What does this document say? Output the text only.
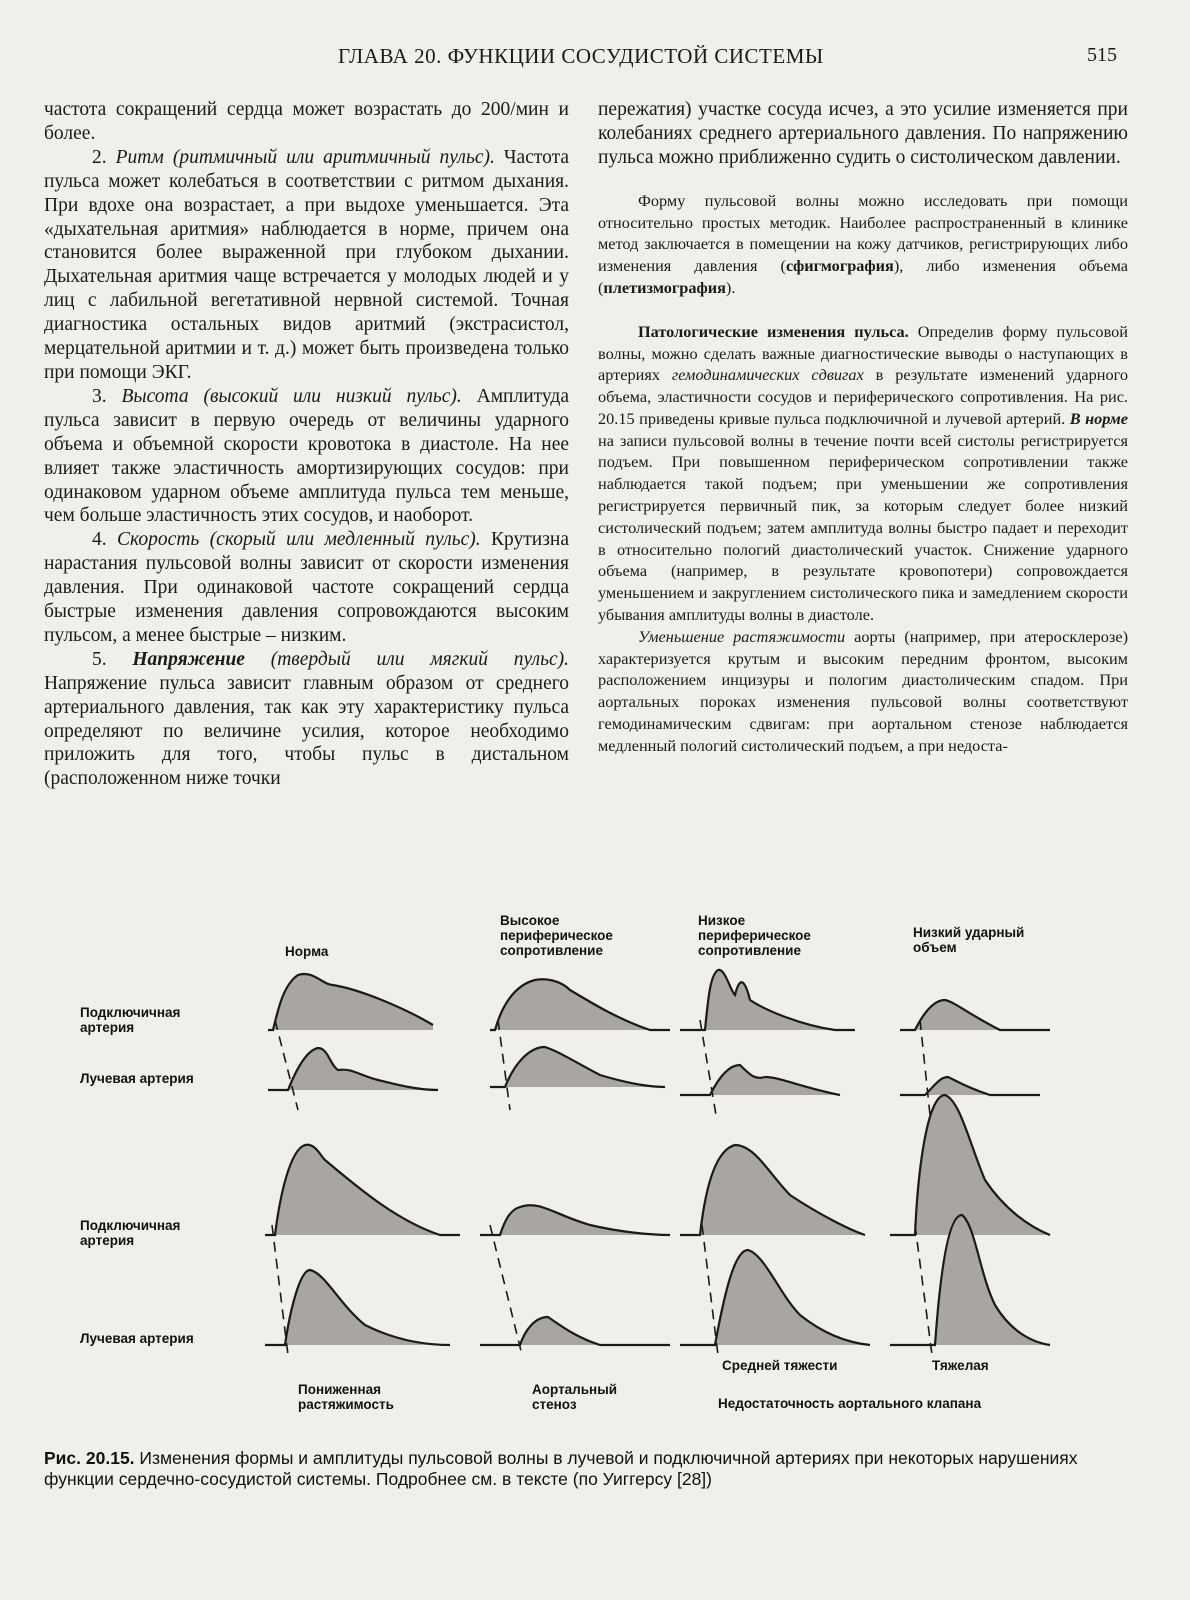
ГЛАВА 20. ФУНКЦИИ СОСУДИСТОЙ СИСТЕМЫ	515

частота сокращений сердца может возрастать до 200/мин и более.

2. Ритм (ритмичный или аритмичный пульс). Частота пульса может колебаться в соответствии с ритмом дыхания. При вдохе она возрастает, а при выдохе уменьшается. Эта «дыхательная аритмия» наблюдается в норме, причем она становится более выраженной при глубоком дыхании. Дыхательная аритмия чаще встречается у молодых людей и у лиц с лабильной вегетативной нервной системой. Точная диагностика остальных видов аритмий (экстрасистол, мерцательной аритмии и т. д.) может быть произведена только при помощи ЭКГ.

3. Высота (высокий или низкий пульс). Амплитуда пульса зависит в первую очередь от величины ударного объема и объемной скорости кровотока в диастоле. На нее влияет также эластичность амортизирующих сосудов: при одинаковом ударном объеме амплитуда пульса тем меньше, чем больше эластичность этих сосудов, и наоборот.

4. Скорость (скорый или медленный пульс). Крутизна нарастания пульсовой волны зависит от скорости изменения давления. При одинаковой частоте сокращений сердца быстрые изменения давления сопровождаются высоким пульсом, а менее быстрые – низким.

5. Напряжение (твердый или мягкий пульс). Напряжение пульса зависит главным образом от среднего артериального давления, так как эту характеристику пульса определяют по величине усилия, которое необходимо приложить для того, чтобы пульс в дистальном (расположенном ниже точки

пережатия) участке сосуда исчез, а это усилие изменяется при колебаниях среднего артериального давления. По напряжению пульса можно приближенно судить о систолическом давлении.

Форму пульсовой волны можно исследовать при помощи относительно простых методик. Наиболее распространенный в клинике метод заключается в помещении на кожу датчиков, регистрирующих либо изменения давления (сфигмография), либо изменения объема (плетизмография).

Патологические изменения пульса. Определив форму пульсовой волны, можно сделать важные диагностические выводы о наступающих в артериях гемодинамических сдвигах в результате изменений ударного объема, эластичности сосудов и периферического сопротивления. На рис. 20.15 приведены кривые пульса подключичной и лучевой артерий. В норме на записи пульсовой волны в течение почти всей систолы регистрируется подъем. При повышенном периферическом сопротивлении также наблюдается такой подъем; при уменьшении же сопротивления регистрируется первичный пик, за которым следует более низкий систолический подъем; затем амплитуда волны быстро падает и переходит в относительно пологий диастолический участок. Снижение ударного объема (например, в результате кровопотери) сопровождается уменьшением и закруглением систолического пика и замедлением скорости убывания амплитуды волны в диастоле.

Уменьшение растяжимости аорты (например, при атеросклерозе) характеризуется крутым и высоким передним фронтом, высоким расположением инцизуры и пологим диастолическим спадом. При аортальных пороках изменения пульсовой волны соответствуют гемодинамическим сдвигам: при аортальном стенозе наблюдается медленный пологий систолический подъем, а при недоста-

Норма
Высокое периферическое сопротивление
Низкое периферическое сопротивление
Низкий ударный объем
Подключичная артерия
Лучевая артерия
Подключичная артерия
Лучевая артерия
Пониженная растяжимость
Аортальный стеноз
Средней тяжести	Тяжелая
Недостаточность аортального клапана
Рис. 20.15. Изменения формы и амплитуды пульсовой волны в лучевой и подключичной артериях при некоторых нарушениях функции сердечно-сосудистой системы. Подробнее см. в тексте (по Уиггерсу [28])
